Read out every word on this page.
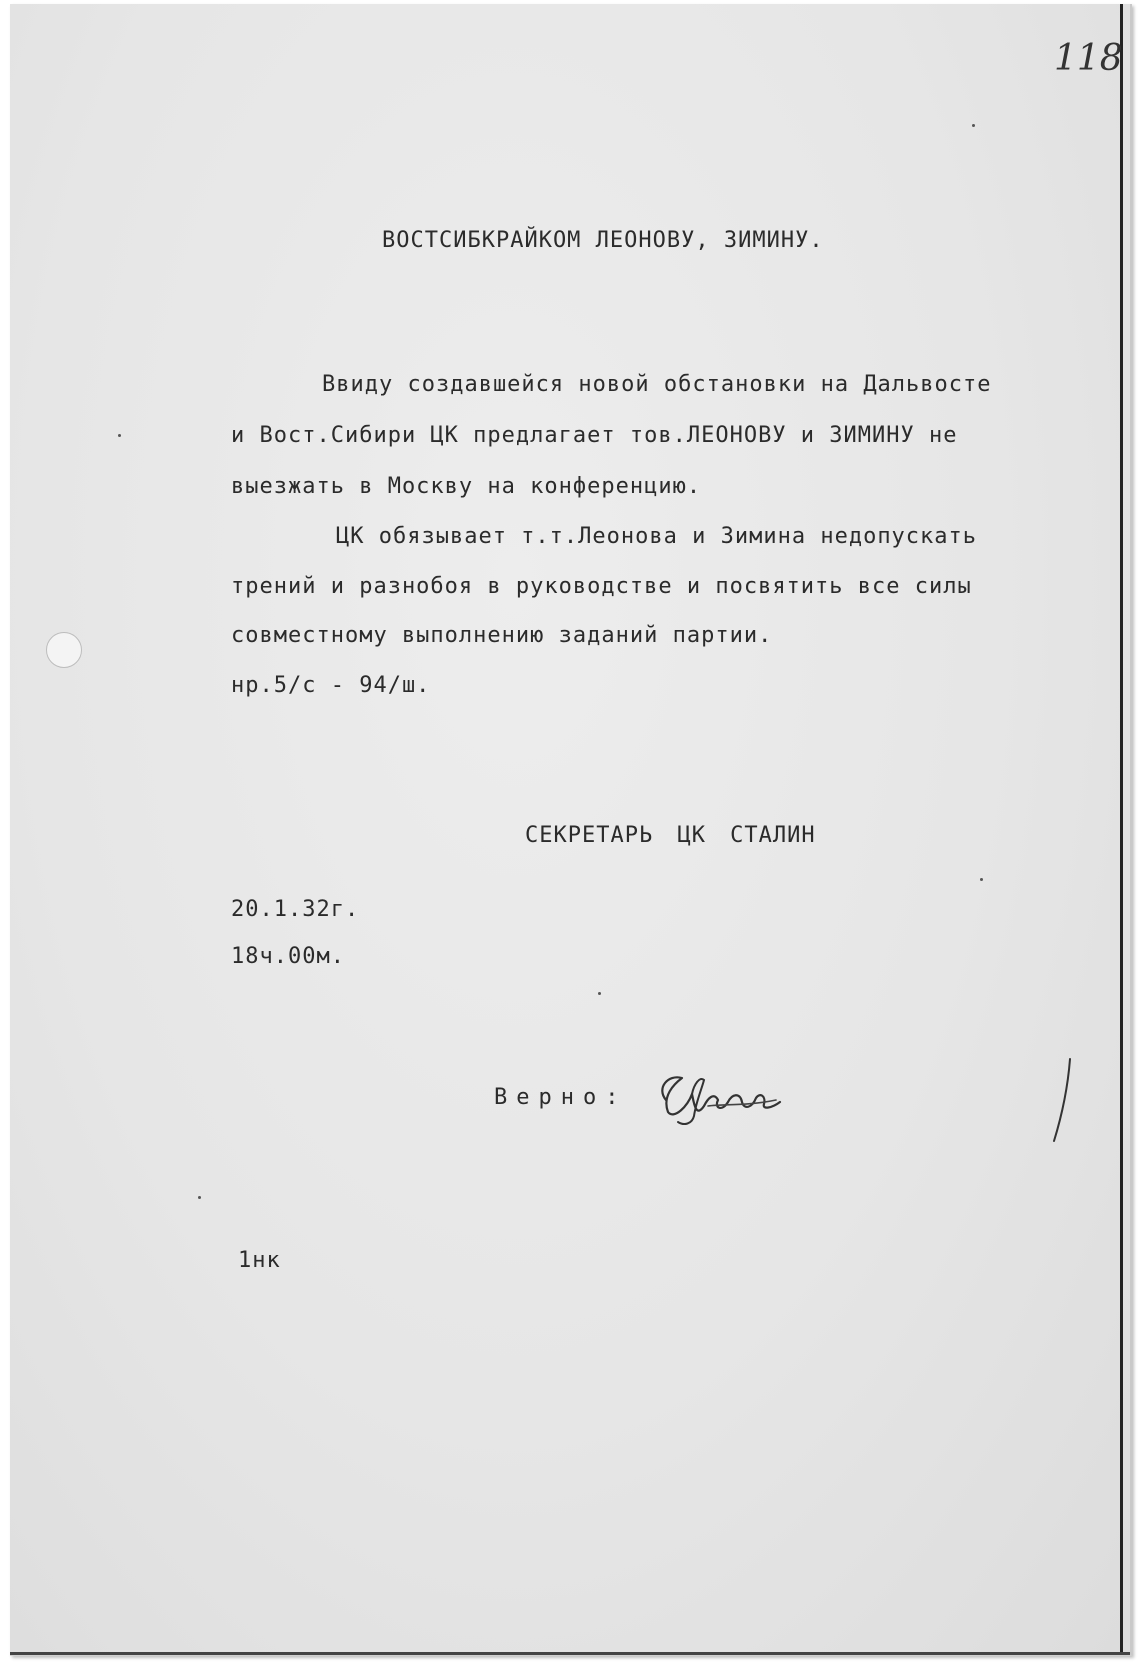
118
ВОСТСИБКРАЙКОМ ЛЕОНОВУ, ЗИМИНУ.
Ввиду создавшейся новой обстановки на Дальвосте
и Вост.Сибири ЦК предлагает тов.ЛЕОНОВУ и ЗИМИНУ не
выезжать в Москву на конференцию.
ЦК обязывает т.т.Леонова и Зимина недопускать
трений и разнобоя в руководстве и посвятить все силы
совместному выполнению заданий партии.
нр.5/с - 94/ш.
СЕКРЕТАРЬ ЦК СТАЛИН
20.1.32г.
18ч.00м.
Верно:
1нк
